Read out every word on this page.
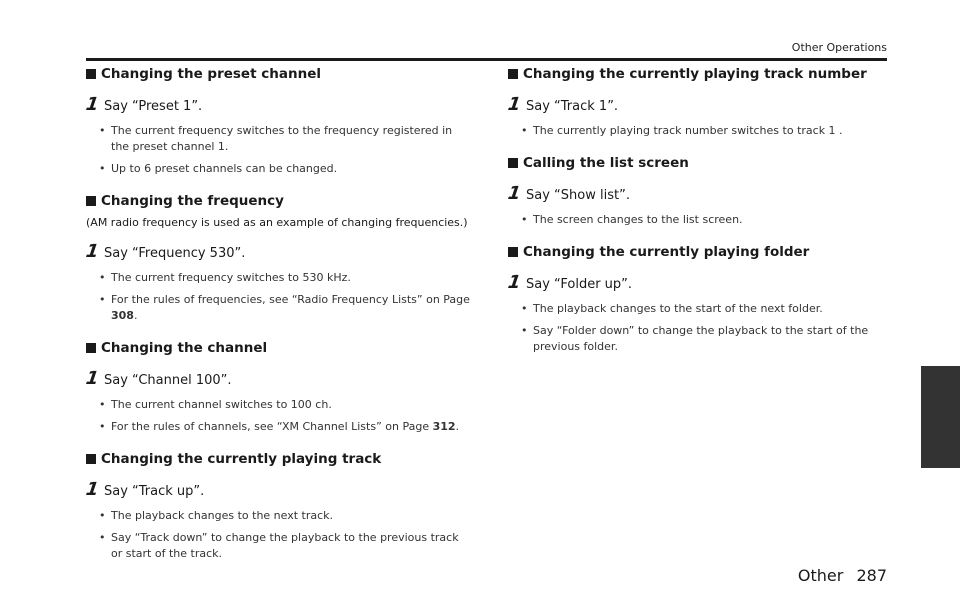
Other Operations
Changing the preset channel
1 Say “Preset 1”.
• The current frequency switches to the frequency registered in the preset channel 1.
• Up to 6 preset channels can be changed.
Changing the frequency

(AM radio frequency is used as an example of changing frequencies.)

1 Say “Frequency 530”.
• The current frequency switches to 530 kHz.
• For the rules of frequencies, see “Radio Frequency Lists” on Page 308.
Changing the channel
1 Say “Channel 100”.
• The current channel switches to 100 ch.
• For the rules of channels, see “XM Channel Lists” on Page 312.
Changing the currently playing track
1 Say “Track up”.
• The playback changes to the next track.
• Say “Track down” to change the playback to the previous track or start of the track.
Changing the currently playing track number
1 Say “Track 1”.
• The currently playing track number switches to track 1 .
Calling the list screen
1 Say “Show list”.
• The screen changes to the list screen.
Changing the currently playing folder
1 Say “Folder up”.
• The playback changes to the start of the next folder.
• Say “Folder down” to change the playback to the start of the previous folder.
Other 287
